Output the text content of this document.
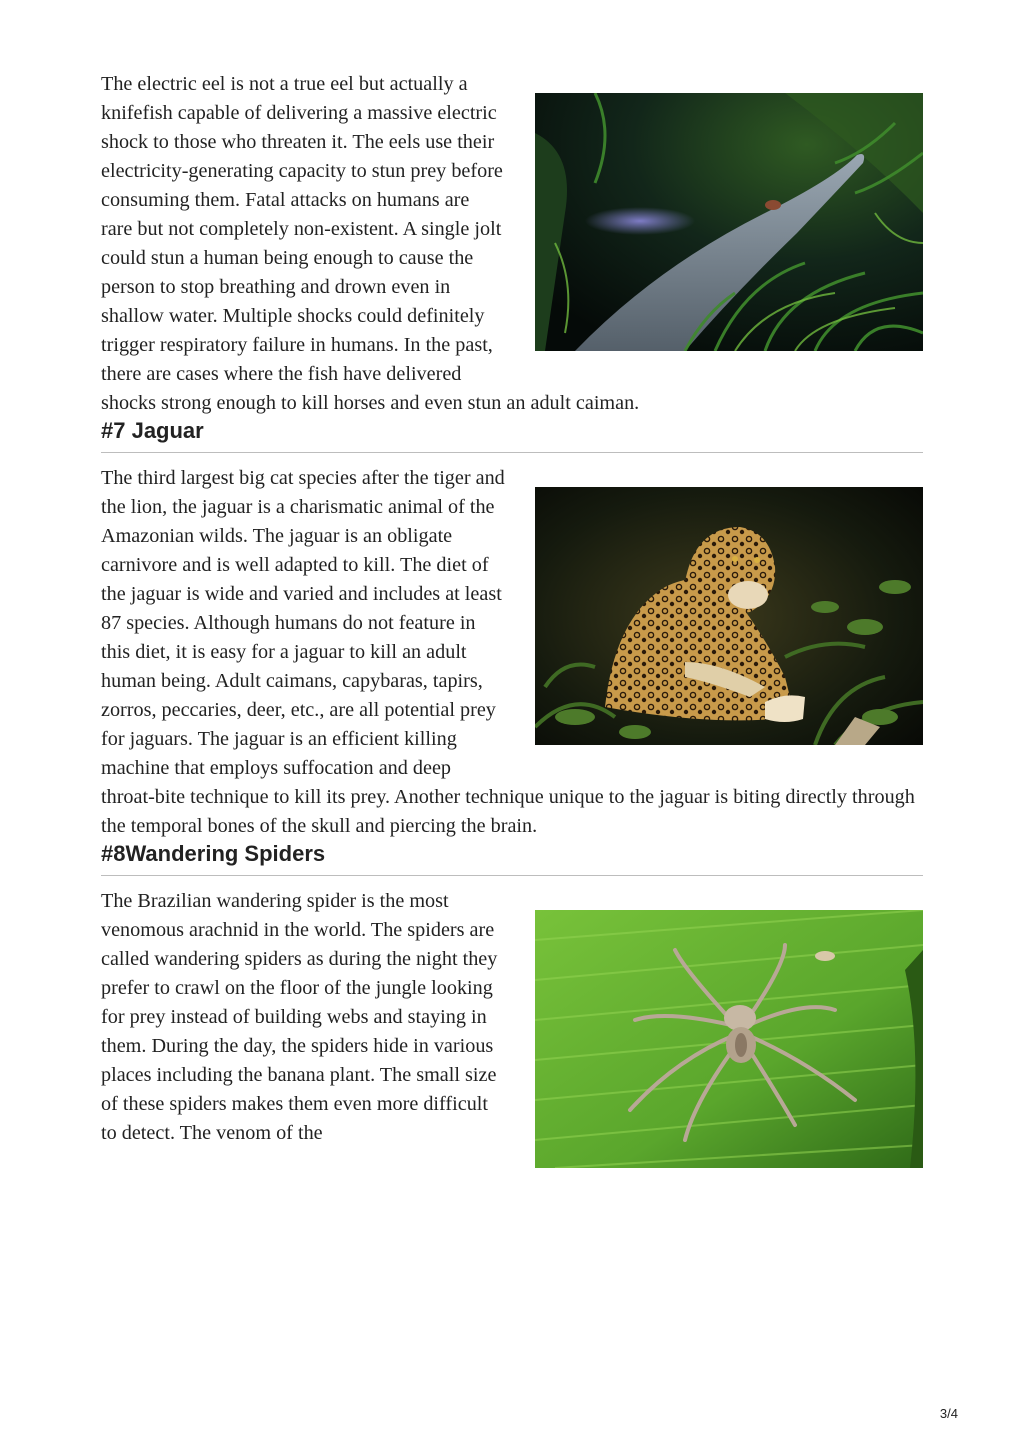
The electric eel is not a true eel but actually a knifefish capable of delivering a massive electric shock to those who threaten it. The eels use their electricity-generating capacity to stun prey before consuming them. Fatal attacks on humans are rare but not completely non-existent. A single jolt could stun a human being enough to cause the person to stop breathing and drown even in shallow water. Multiple shocks could definitely trigger respiratory failure in humans. In the past, there are cases where the fish have delivered shocks strong enough to kill horses and even stun an adult caiman.

#7 Jaguar

The third largest big cat species after the tiger and the lion, the jaguar is a charismatic animal of the Amazonian wilds. The jaguar is an obligate carnivore and is well adapted to kill. The diet of the jaguar is wide and varied and includes at least 87 species. Although humans do not feature in this diet, it is easy for a jaguar to kill an adult human being. Adult caimans, capybaras, tapirs, zorros, peccaries, deer, etc., are all potential prey for jaguars. The jaguar is an efficient killing machine that employs suffocation and deep throat-bite technique to kill its prey. Another technique unique to the jaguar is biting directly through the temporal bones of the skull and piercing the brain.

#8Wandering Spiders

The Brazilian wandering spider is the most venomous arachnid in the world. The spiders are called wandering spiders as during the night they prefer to crawl on the floor of the jungle looking for prey instead of building webs and staying in them. During the day, the spiders hide in various places including the banana plant. The small size of these spiders makes them even more difficult to detect. The venom of the

3/4
